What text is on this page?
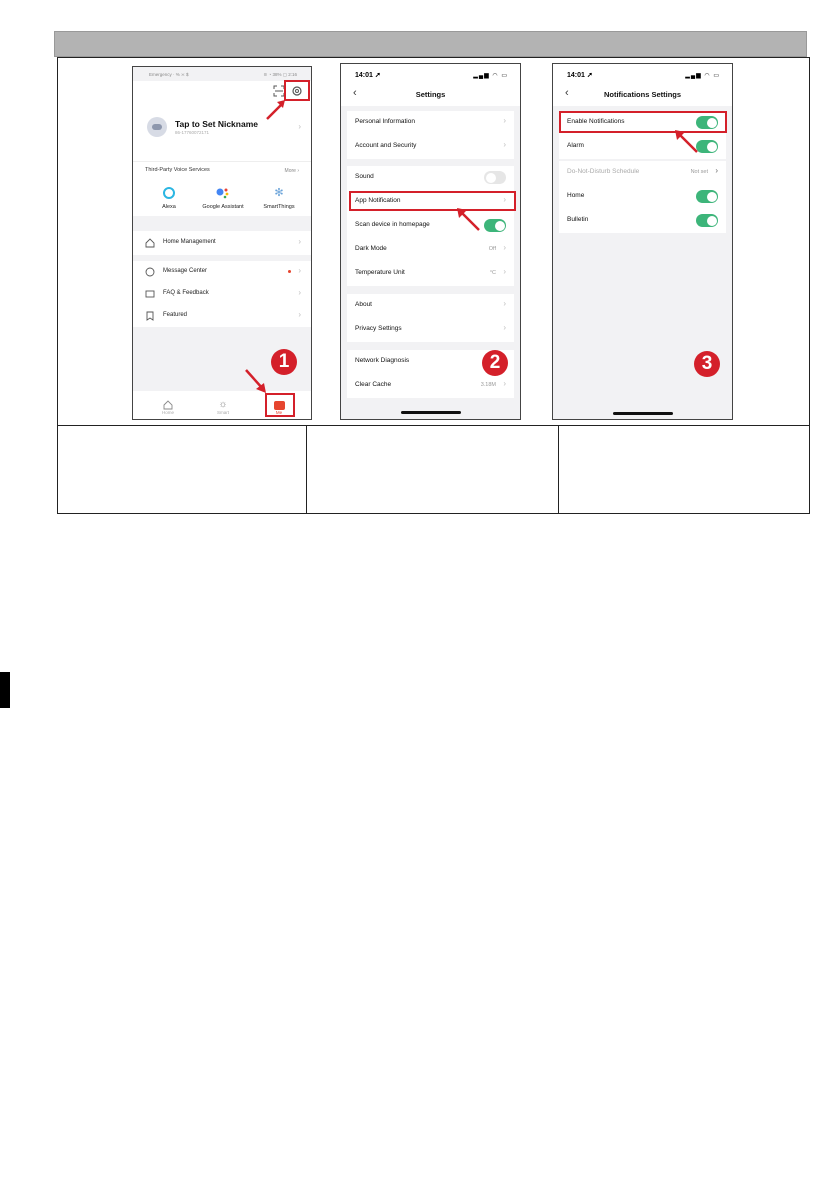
Emergency · % ≍ $	≋ ◔ 38% ▢ 2:16
Tap to Set Nickname
86-17760072171
›
Third-Party Voice Services	More ›
Alexa	Google Assistant
✻
SmartThings
Home Management	›
Message Center	›
FAQ & Feedback	›
Featured	›
Home
☼
Smart	Me
1
14:01 ➚	▂▄▆ ◠ ▭
‹	Settings
Personal Information	›
Account and Security	›
Sound
App Notification	›
Scan device in homepage
Dark Mode	Off ›
Temperature Unit	°C ›
About	›
Privacy Settings	›
Network Diagnosis
Clear Cache	3.18M ›
2
14:01 ➚	▂▄▆ ◠ ▭
‹	Notifications Settings
Enable Notifications
Alarm
Do-Not-Disturb Schedule	Not set ›
Home
Bulletin
3
